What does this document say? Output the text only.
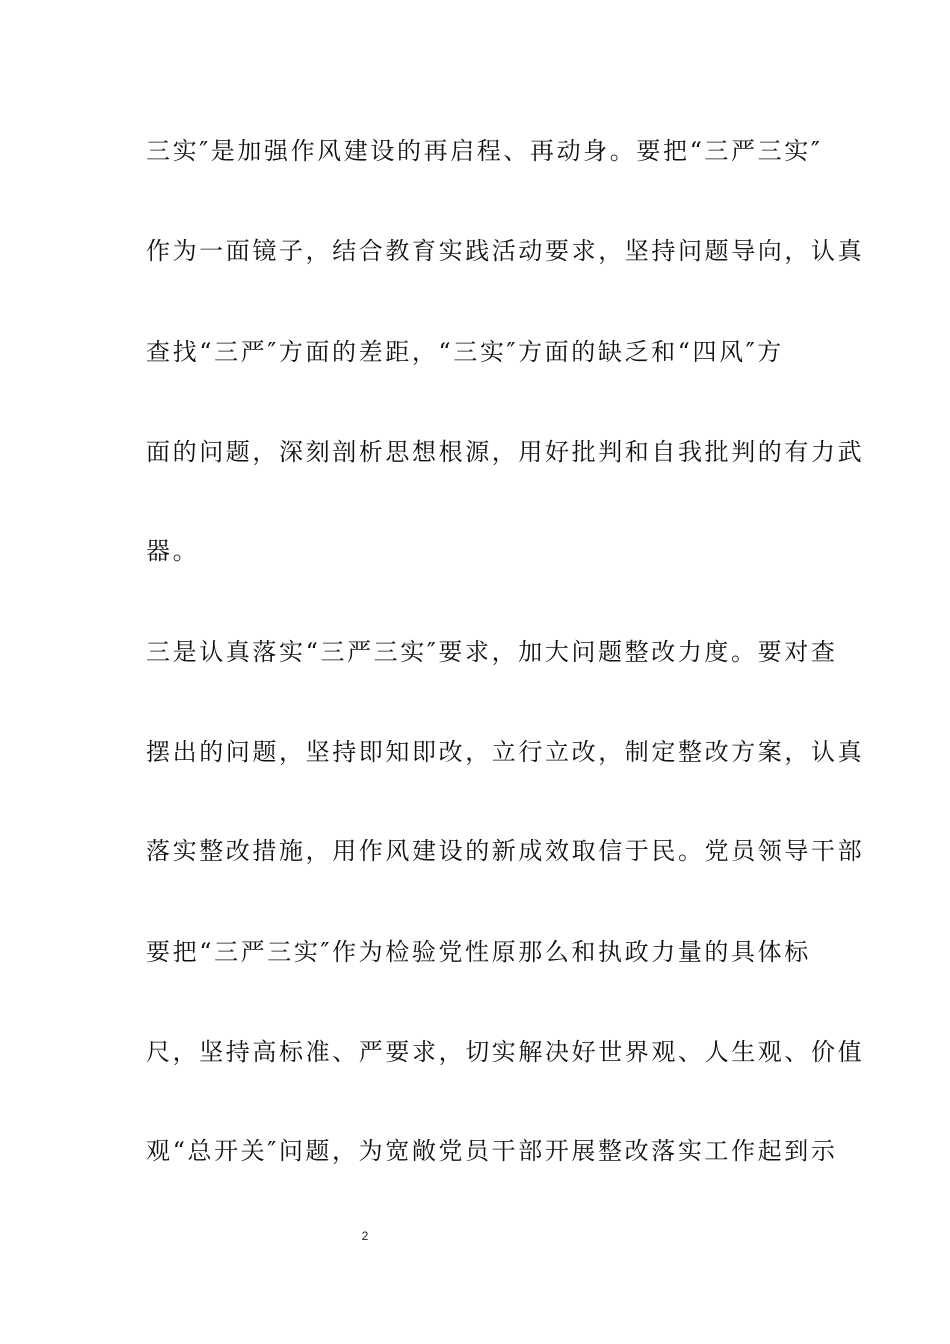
三实″是加强作风建设的再启程、再动身。要把“三严三实″
作为一面镜子，结合教育实践活动要求，坚持问题导向，认真
查找“三严″方面的差距，“三实″方面的缺乏和“四风″方
面的问题，深刻剖析思想根源，用好批判和自我批判的有力武
器。
三是认真落实“三严三实″要求，加大问题整改力度。要对查
摆出的问题，坚持即知即改，立行立改，制定整改方案，认真
落实整改措施，用作风建设的新成效取信于民。党员领导干部
要把“三严三实″作为检验党性原那么和执政力量的具体标
尺，坚持高标准、严要求，切实解决好世界观、人生观、价值
观“总开关″问题，为宽敞党员干部开展整改落实工作起到示
2
